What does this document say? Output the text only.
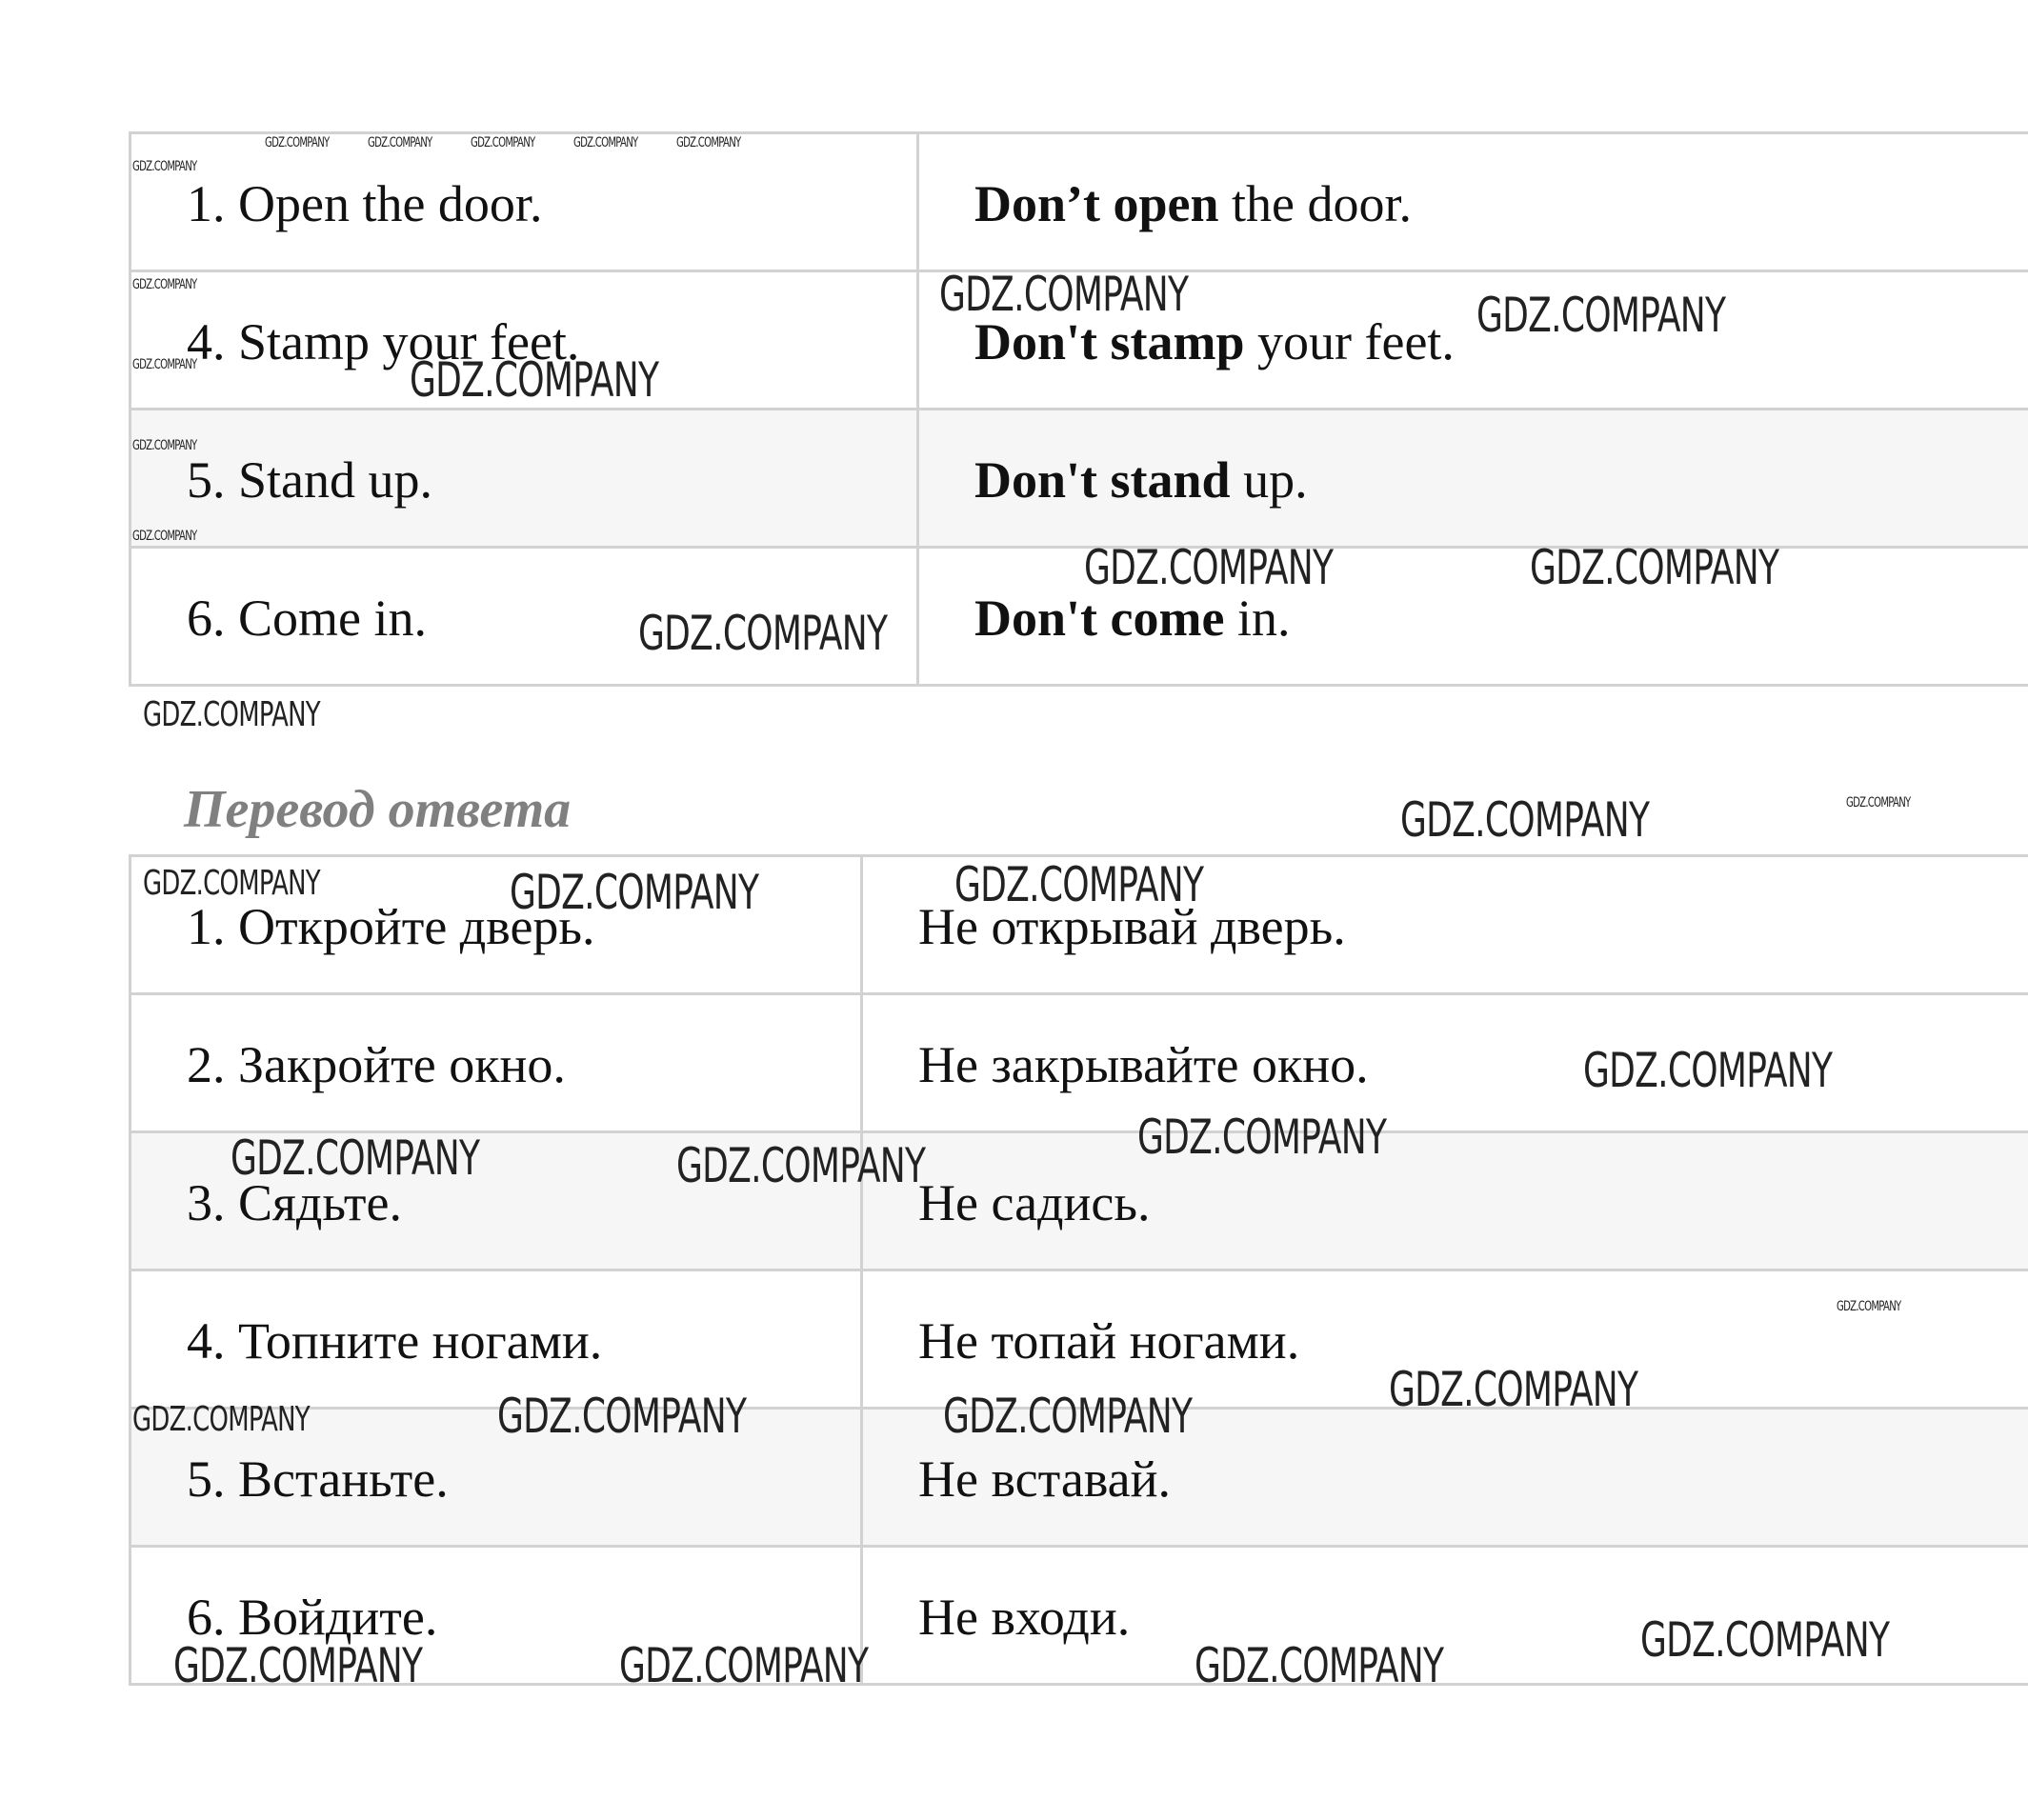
1. Open the door.	Don’t open the door.
4. Stamp your feet.	Don't stamp your feet.
5. Stand up.	Don't stand up.
6. Come in.	Don't come in.
Перевод ответа
1. Откройте дверь.	Не открывай дверь.
2. Закройте окно.	Не закрывайте окно.
3. Сядьте.	Не садись.
4. Топните ногами.	Не топай ногами.
5. Встаньте.	Не вставай.
6. Войдите.	Не входи.
GDZ.COMPANY	GDZ.COMPANY	GDZ.COMPANY	GDZ.COMPANY	GDZ.COMPANY
GDZ.COMPANY
GDZ.COMPANY
GDZ.COMPANY
GDZ.COMPANY
GDZ.COMPANY
GDZ.COMPANY
GDZ.COMPANY
GDZ.COMPANY	GDZ.COMPANY
GDZ.COMPANY
GDZ.COMPANY	GDZ.COMPANY
GDZ.COMPANY
GDZ.COMPANY
GDZ.COMPANY
GDZ.COMPANY	GDZ.COMPANY	GDZ.COMPANY
GDZ.COMPANY
GDZ.COMPANY
GDZ.COMPANY	GDZ.COMPANY
GDZ.COMPANY
GDZ.COMPANY	GDZ.COMPANY	GDZ.COMPANY
GDZ.COMPANY
GDZ.COMPANY	GDZ.COMPANY	GDZ.COMPANY
